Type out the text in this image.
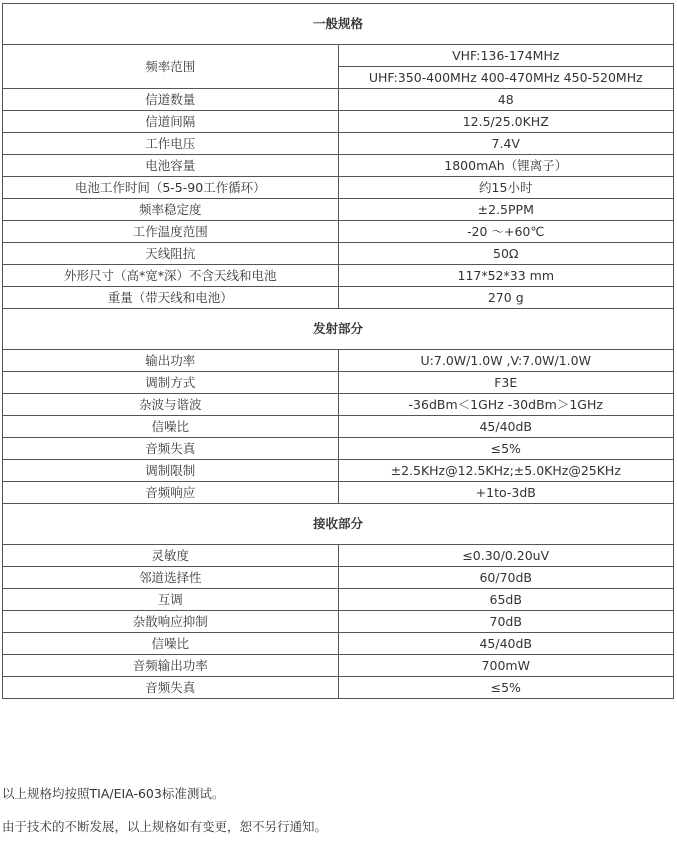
一般规格	
频率范围	VHF:136-174MHz
	UHF:350-400MHz 400-470MHz 450-520MHz
信道数量	48
信道间隔	12.5/25.0KHZ
工作电压	7.4V
电池容量	1800mAh（锂离子）
电池工作时间（5-5-90工作循环）	约15小时
频率稳定度	±2.5PPM
工作温度范围	-20 ～+60℃
天线阻抗	50Ω
外形尺寸（高*宽*深）不含天线和电池	117*52*33 mm
重量（带天线和电池）	270 g
发射部分	
输出功率	U:7.0W/1.0W ,V:7.0W/1.0W
调制方式	F3E
杂波与谐波	-36dBm＜1GHz -30dBm＞1GHz
信噪比	45/40dB
音频失真	≤5%
调制限制	±2.5KHz@12.5KHz;±5.0KHz@25KHz
音频响应	+1to-3dB
接收部分	
灵敏度	≤0.30/0.20uV
邻道选择性	60/70dB
互调	65dB
杂散响应抑制	70dB
信噪比	45/40dB
音频输出功率	700mW
音频失真	≤5%

以上规格均按照TIA/EIA-603标准测试。

由于技术的不断发展，以上规格如有变更，恕不另行通知。
